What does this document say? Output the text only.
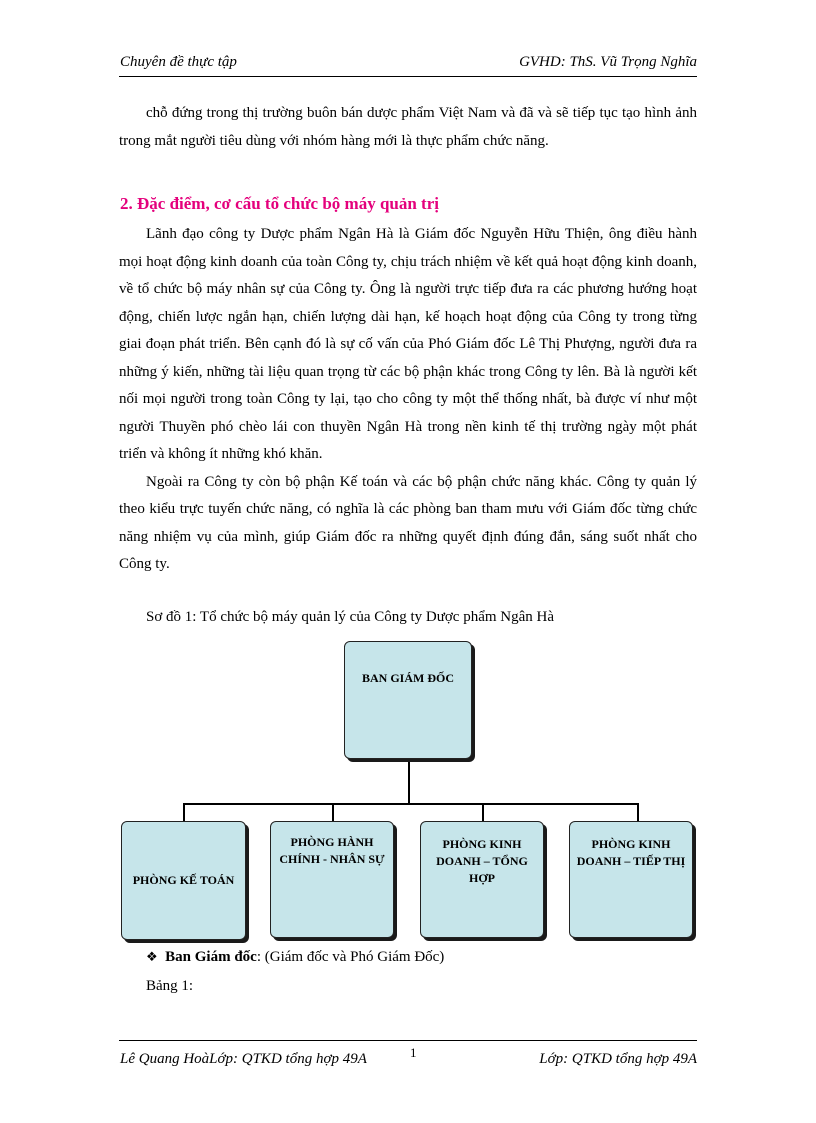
Chuyên đề thực tập	GVHD: ThS. Vũ Trọng Nghĩa

chỗ đứng trong thị trường buôn bán dược phẩm Việt Nam và đã và sẽ tiếp tục tạo hình ảnh trong mắt người tiêu dùng với nhóm hàng mới là thực phẩm chức năng.

2. Đặc điểm, cơ cấu tổ chức bộ máy quản trị

Lãnh đạo công ty Dược phẩm Ngân Hà là Giám đốc Nguyễn Hữu Thiện, ông điều hành mọi hoạt động kinh doanh của toàn Công ty, chịu trách nhiệm về kết quả hoạt động kinh doanh, về tổ chức bộ máy nhân sự của Công ty. Ông là người trực tiếp đưa ra các phương hướng hoạt động, chiến lược ngắn hạn, chiến lượng dài hạn, kế hoạch hoạt động của Công ty trong từng giai đoạn phát triển. Bên cạnh đó là sự cố vấn của Phó Giám đốc Lê Thị Phượng, người đưa ra những ý kiến, những tài liệu quan trọng từ các bộ phận khác trong Công ty lên. Bà là người kết nối mọi người trong toàn Công ty lại, tạo cho công ty một thể thống nhất, bà được ví như một người Thuyền phó chèo lái con thuyền Ngân Hà trong nền kinh tế thị trường ngày một phát triển và không ít những khó khăn.

Ngoài ra Công ty còn bộ phận Kế toán và các bộ phận chức năng khác. Công ty quản lý theo kiểu trực tuyến chức năng, có nghĩa là các phòng ban tham mưu với Giám đốc từng chức năng nhiệm vụ của mình, giúp Giám đốc ra những quyết định đúng đắn, sáng suốt nhất cho Công ty.

Sơ đồ 1: Tổ chức bộ máy quản lý của Công ty Dược phẩm Ngân Hà
BAN GIÁM ĐỐC
PHÒNG KẾ TOÁN
PHÒNG HÀNH
CHÍNH - NHÂN SỰ
PHÒNG KINH
DOANH – TỔNG
HỢP
PHÒNG KINH
DOANH – TIẾP THỊ
❖ Ban Giám đốc: (Giám đốc và Phó Giám Đốc)
Bảng 1:
Lê Quang HoàLớp: QTKD tổng hợp 49A	1	Lớp: QTKD tổng hợp 49A
